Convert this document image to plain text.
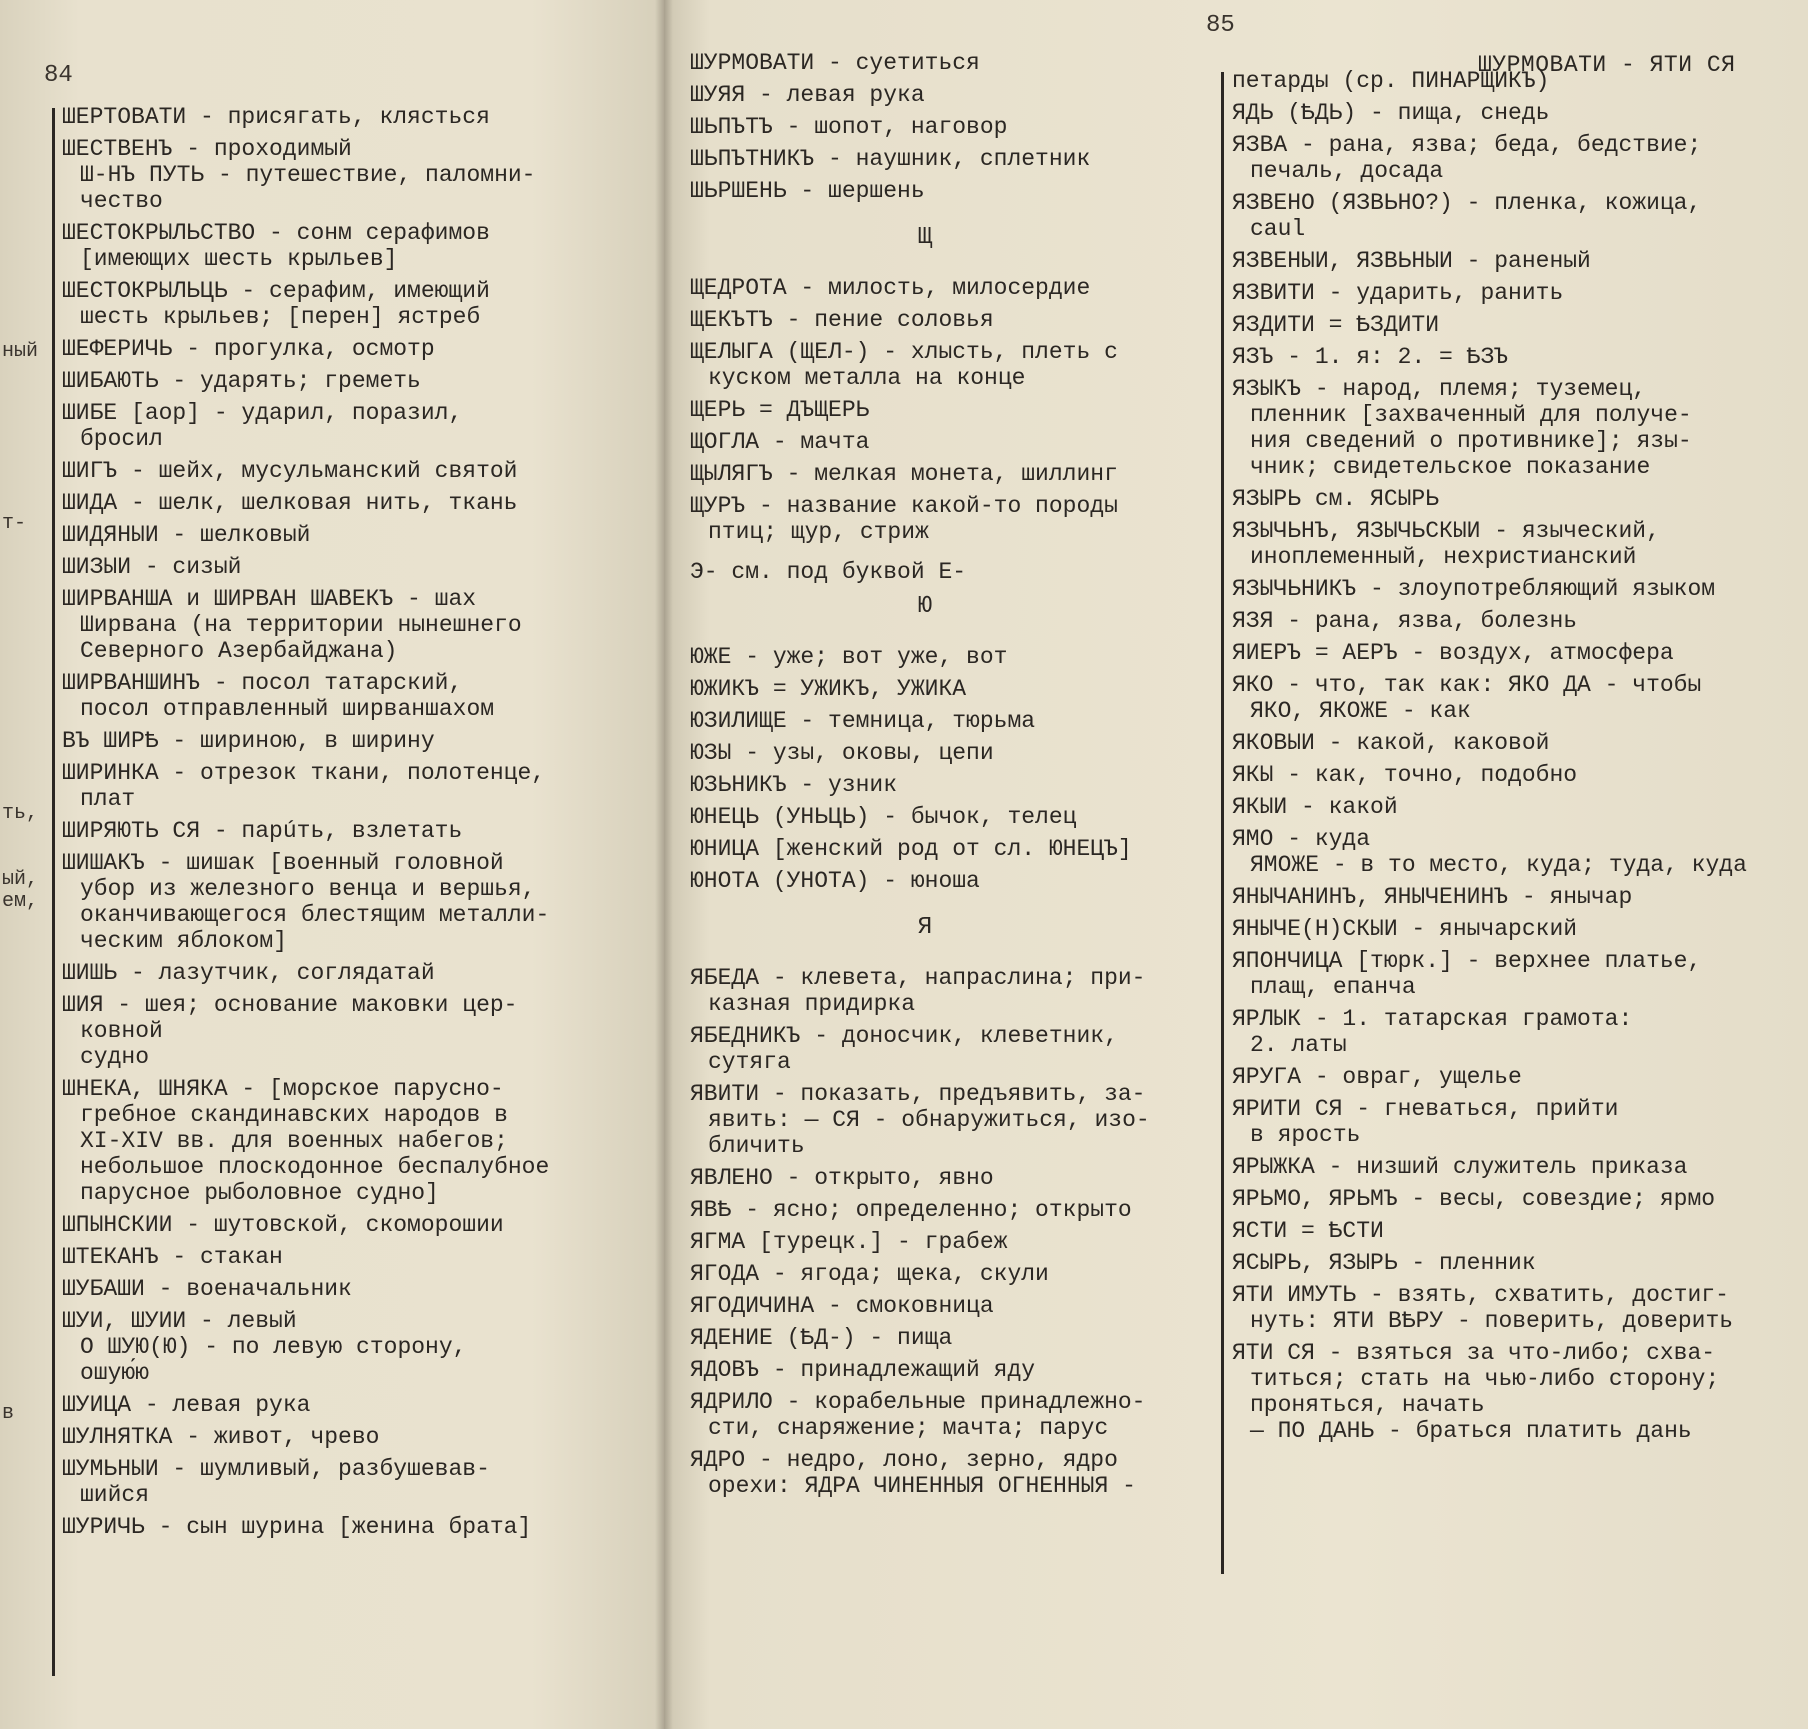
84
ШЕРТОВАТИ - присягать, клясться
ШЕСТВЕНЪ - проходимый
Ш-НЪ ПУТЬ - путешествие, паломни-
чество
ШЕСТОКРЫЛЬСТВО - сонм серафимов
[имеющих шесть крыльев]
ШЕСТОКРЫЛЬЦЬ - серафим, имеющий
шесть крыльев; [перен] ястреб
ШЕФЕРИЧЬ - прогулка, осмотр
ШИБАЮТЬ - ударять; греметь
ШИБЕ [аор] - ударил, поразил,
бросил
ШИГЪ - шейх, мусульманский святой
ШИДА - шелк, шелковая нить, ткань
ШИДЯНЫИ - шелковый
ШИЗЫИ - сизый
ШИРВАНША и ШИРВАН ШАВЕКЪ - шах
Ширвана (на территории нынешнего
Северного Азербайджана)
ШИРВАНШИНЪ - посол татарский,
посол отправленный ширваншахом
ВЪ ШИРѢ - шириною, в ширину
ШИРИНКА - отрезок ткани, полотенце,
плат
ШИРЯЮТЬ СЯ - парúть, взлетать
ШИШАКЪ - шишак [военный головной
убор из железного венца и вершья,
оканчивающегося блестящим металли-
ческим яблоком]
ШИШЬ - лазутчик, соглядатай
ШИЯ - шея; основание маковки цер-
ковной
судно
ШНЕКА, ШНЯКА - [морское парусно-
гребное скандинавских народов в
XI-XIV вв. для военных набегов;
небольшое плоскодонное беспалубное
парусное рыболовное судно]
ШПЫНСКИИ - шутовской, скоморошии
ШТЕКАНЪ - стакан
ШУБАШИ - военачальник
ШУИ, ШУИИ - левый
О ШУЮ(Ю) - по левую сторону,
ошую́ю
ШУИЦА - левая рука
ШУЛНЯТКА - живот, чрево
ШУМЬНЫИ - шумливый, разбушевав-
шийся
ШУРИЧЬ - сын шурина [женина брата]
ный
т-
ть,
ый,
ем,
в
85
ШУРМОВАТИ - ЯТИ СЯ
ШУРМОВАТИ - суетиться
ШУЯЯ - левая рука
ШЬПЪТЪ - шопот, наговор
ШЬПЪТНИКЪ - наушник, сплетник
ШЬРШЕНЬ - шершень
Щ
ЩЕДРОТА - милость, милосердие
ЩЕКЪТЪ - пение соловья
ЩЕЛЫГА (ЩЕЛ-) - хлысть, плеть с
куском металла на конце
ЩЕРЬ = ДЪЩЕРЬ
ЩОГЛА - мачта
ЩЫЛЯГЪ - мелкая монета, шиллинг
ЩУРЪ - название какой-то породы
птиц; щур, стриж
Э- см. под буквой Е-
Ю
ЮЖЕ - уже; вот уже, вот
ЮЖИКЪ = УЖИКЪ, УЖИКА
ЮЗИЛИЩЕ - темница, тюрьма
ЮЗЫ - узы, оковы, цепи
ЮЗЬНИКЪ - узник
ЮНЕЦЬ (УНЬЦЬ) - бычок, телец
ЮНИЦА [женский род от сл. ЮНЕЦЪ]
ЮНОТА (УНОТА) - юноша
Я
ЯБЕДА - клевета, напраслина; при-
казная придирка
ЯБЕДНИКЪ - доносчик, клеветник,
сутяга
ЯВИТИ - показать, предъявить, за-
явить: — СЯ - обнаружиться, изо-
бличить
ЯВЛЕНО - открыто, явно
ЯВѢ - ясно; определенно; открыто
ЯГМА [турецк.] - грабеж
ЯГОДА - ягода; щека, скули
ЯГОДИЧИНА - смоковница
ЯДЕНИЕ (ѢД-) - пища
ЯДОВЪ - принадлежащий яду
ЯДРИЛО - корабельные принадлежно-
сти, снаряжение; мачта; парус
ЯДРО - недро, лоно, зерно, ядро
орехи: ЯДРА ЧИНЕННЫЯ ОГНЕННЫЯ -
петарды (ср. ПИНАРЩИКЪ)
ЯДЬ (ѢДЬ) - пища, снедь
ЯЗВА - рана, язва; беда, бедствие;
печаль, досада
ЯЗВЕНО (ЯЗВЬНО?) - пленка, кожица,
caul
ЯЗВЕНЫИ, ЯЗВЬНЫИ - раненый
ЯЗВИТИ - ударить, ранить
ЯЗДИТИ = ѢЗДИТИ
ЯЗЪ - 1. я: 2. = ѢЗЪ
ЯЗЫКЪ - народ, племя; туземец,
пленник [захваченный для получе-
ния сведений о противнике]; язы-
чник; свидетельское показание
ЯЗЫРЬ см. ЯСЫРЬ
ЯЗЫЧЬНЪ, ЯЗЫЧЬСКЫИ - языческий,
иноплеменный, нехристианский
ЯЗЫЧЬНИКЪ - злоупотребляющий языком
ЯЗЯ - рана, язва, болезнь
ЯИЕРЪ = АЕРЪ - воздух, атмосфера
ЯКО - что, так как: ЯКО ДА - чтобы
ЯКО, ЯКОЖЕ - как
ЯКОВЫИ - какой, каковой
ЯКЫ - как, точно, подобно
ЯКЫИ - какой
ЯМО - куда
ЯМОЖЕ - в то место, куда; туда, куда
ЯНЫЧАНИНЪ, ЯНЫЧЕНИНЪ - янычар
ЯНЫЧЕ(Н)СКЫИ - янычарский
ЯПОНЧИЦА [тюрк.] - верхнее платье,
плащ, епанча
ЯРЛЫК - 1. татарская грамота:
2. латы
ЯРУГА - овраг, ущелье
ЯРИТИ СЯ - гневаться, прийти
в ярость
ЯРЫЖКА - низший служитель приказа
ЯРЬМО, ЯРЬМЪ - весы, совездие; ярмо
ЯСТИ = ѢСТИ
ЯСЫРЬ, ЯЗЫРЬ - пленник
ЯТИ ИМУТЬ - взять, схватить, достиг-
нуть: ЯТИ ВѢРУ - поверить, доверить
ЯТИ СЯ - взяться за что-либо; схва-
титься; стать на чью-либо сторону;
проняться, начать
— ПО ДАНЬ - браться платить дань
